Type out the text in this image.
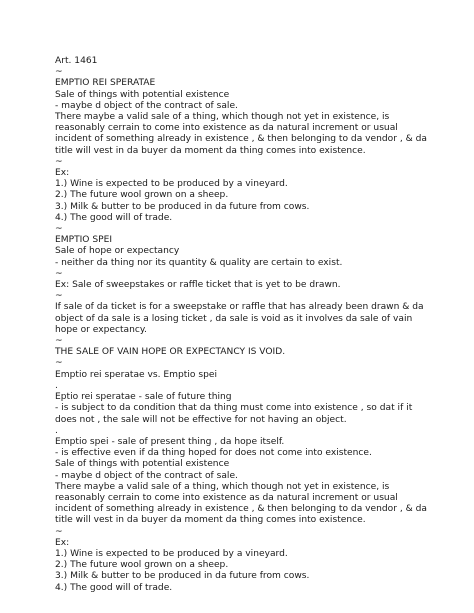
Art. 1461

~

EMPTIO REI SPERATAE

Sale of things with potential existence

- maybe d object of the contract of sale.

There maybe a valid sale of a thing, which though not yet in existence, is reasonably cerrain to come into existence as da natural increment or usual incident of something already in existence , & then belonging to da vendor , & da title will vest in da buyer da moment da thing comes into existence.

~

Ex:

1.) Wine is expected to be produced by a vineyard.

2.) The future wool grown on a sheep.

3.) Milk & butter to be produced in da future from cows.

4.) The good will of trade.

~

EMPTIO SPEI

Sale of hope or expectancy

- neither da thing nor its quantity & quality are certain to exist.

~

Ex: Sale of sweepstakes or raffle ticket that is yet to be drawn.

~

If sale of da ticket is for a sweepstake or raffle that has already been drawn & da object of da sale is a losing ticket , da sale is void as it involves da sale of vain hope or expectancy.

~

THE SALE OF VAIN HOPE OR EXPECTANCY IS VOID.

~

Emptio rei speratae vs. Emptio spei

.

Eptio rei speratae - sale of future thing

- is subject to da condition that da thing must come into existence , so dat if it does not , the sale will not be effective for not having an object.

.

Emptio spei - sale of present thing , da hope itself.

- is effective even if da thing hoped for does not come into existence.

Sale of things with potential existence

- maybe d object of the contract of sale.

There maybe a valid sale of a thing, which though not yet in existence, is reasonably cerrain to come into existence as da natural increment or usual incident of something already in existence , & then belonging to da vendor , & da title will vest in da buyer da moment da thing comes into existence.

~

Ex:

1.) Wine is expected to be produced by a vineyard.

2.) The future wool grown on a sheep.

3.) Milk & butter to be produced in da future from cows.

4.) The good will of trade.
